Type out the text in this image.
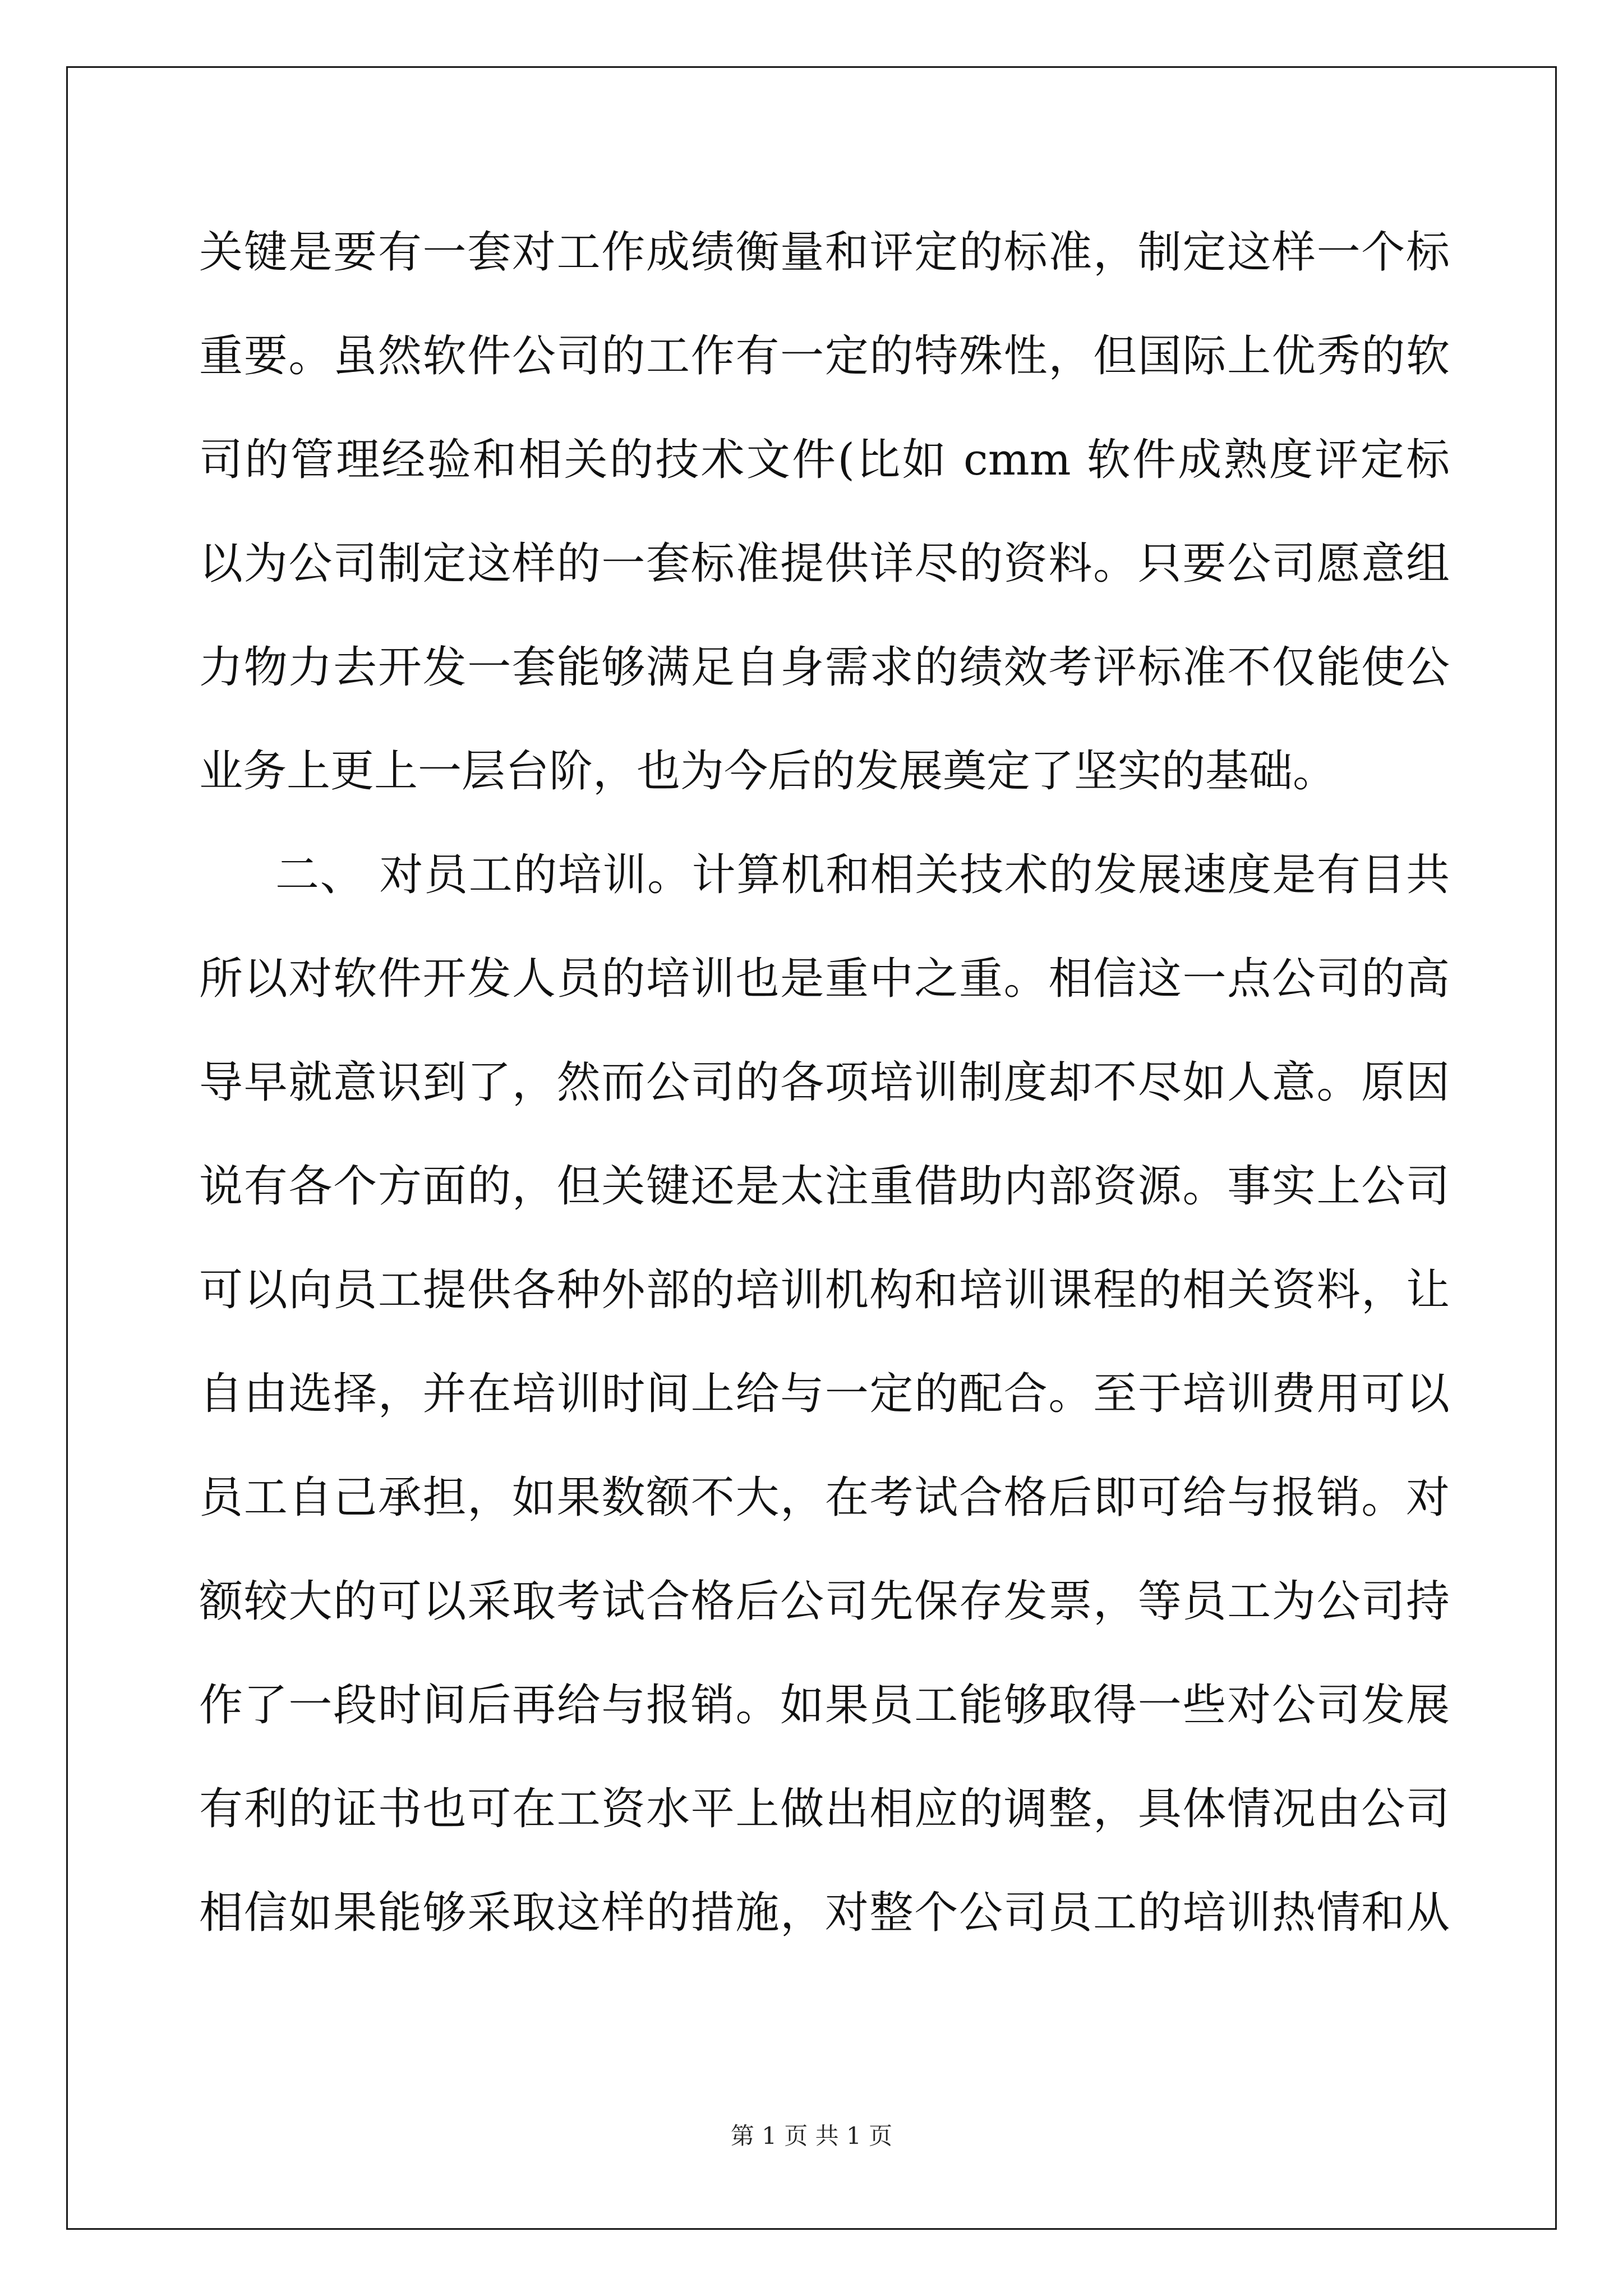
关键是要有一套对工作成绩衡量和评定的标准，制定这样一个标
重要。虽然软件公司的工作有一定的特殊性，但国际上优秀的软
司的管理经验和相关的技术文件(比如 cmm 软件成熟度评定标
以为公司制定这样的一套标准提供详尽的资料。只要公司愿意组
力物力去开发一套能够满足自身需求的绩效考评标准不仅能使公
业务上更上一层台阶，也为今后的发展奠定了坚实的基础。
二、 对员工的培训。计算机和相关技术的发展速度是有目共
所以对软件开发人员的培训也是重中之重。相信这一点公司的高
导早就意识到了，然而公司的各项培训制度却不尽如人意。原因
说有各个方面的，但关键还是太注重借助内部资源。事实上公司
可以向员工提供各种外部的培训机构和培训课程的相关资料，让
自由选择，并在培训时间上给与一定的配合。至于培训费用可以
员工自己承担，如果数额不大，在考试合格后即可给与报销。对
额较大的可以采取考试合格后公司先保存发票，等员工为公司持
作了一段时间后再给与报销。如果员工能够取得一些对公司发展
有利的证书也可在工资水平上做出相应的调整，具体情况由公司
相信如果能够采取这样的措施，对整个公司员工的培训热情和从
第 1 页 共 1 页
